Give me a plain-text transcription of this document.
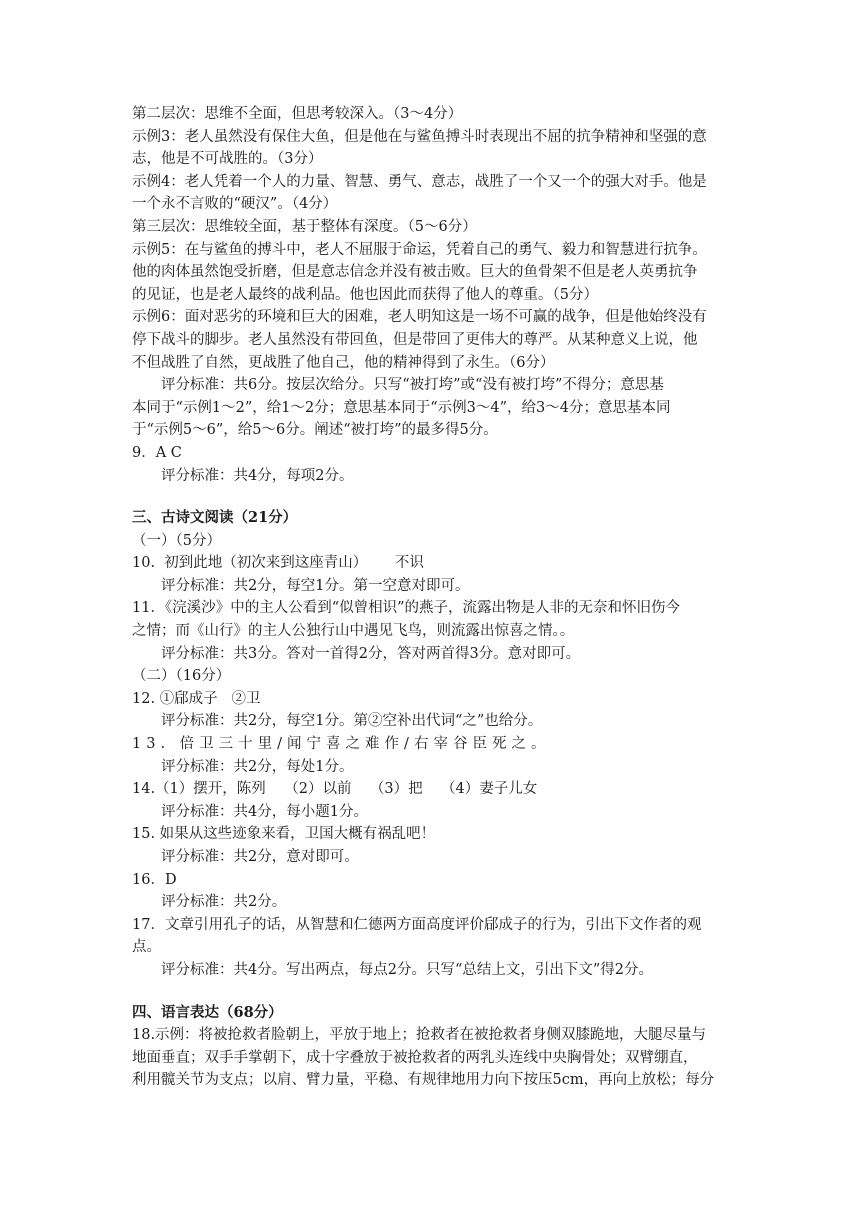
第二层次：思维不全面，但思考较深入。（3～4分）
示例3：老人虽然没有保住大鱼，但是他在与鲨鱼搏斗时表现出不屈的抗争精神和坚强的意
志，他是不可战胜的。（3分）
示例4：老人凭着一个人的力量、智慧、勇气、意志，战胜了一个又一个的强大对手。他是
一个永不言败的“硬汉”。（4分）
第三层次：思维较全面，基于整体有深度。（5～6分）
示例5：在与鲨鱼的搏斗中，老人不屈服于命运，凭着自己的勇气、毅力和智慧进行抗争。
他的肉体虽然饱受折磨，但是意志信念并没有被击败。巨大的鱼骨架不但是老人英勇抗争
的见证，也是老人最终的战利品。他也因此而获得了他人的尊重。（5分）
示例6：面对恶劣的环境和巨大的困难，老人明知这是一场不可赢的战争，但是他始终没有
停下战斗的脚步。老人虽然没有带回鱼，但是带回了更伟大的尊严。从某种意义上说，他
不但战胜了自然，更战胜了他自己，他的精神得到了永生。（6分）
评分标准：共6分。按层次给分。只写“被打垮”或“没有被打垮”不得分；意思基
本同于“示例1～2”，给1～2分；意思基本同于“示例3～4”，给3～4分；意思基本同
于“示例5～6”，给5～6分。阐述“被打垮”的最多得5分。
9．A C
评分标准：共4分，每项2分。
三、古诗文阅读（21分）
（一）（5分）
10.  初到此地（初次来到这座青山）      不识
评分标准：共2分，每空1分。第一空意对即可。
11．《浣溪沙》中的主人公看到“似曾相识”的燕子，流露出物是人非的无奈和怀旧伤今
之情；而《山行》的主人公独行山中遇见飞鸟，则流露出惊喜之情。。
评分标准：共3分。答对一首得2分，答对两首得3分。意对即可。
（二）（16分）
12. ①郈成子   ②卫
评分标准：共2分，每空1分。第②空补出代词“之”也给分。
13. 倍卫三十里/闻宁喜之难作/右宰谷臣死之。
评分标准：共2分，每处1分。
14.（1）摆开，陈列    （2）以前    （3）把    （4）妻子儿女
评分标准：共4分，每小题1分。
15. 如果从这些迹象来看，卫国大概有祸乱吧！
评分标准：共2分，意对即可。
16．D
评分标准：共2分。
17．文章引用孔子的话，从智慧和仁德两方面高度评价郈成子的行为，引出下文作者的观
点。
评分标准：共4分。写出两点，每点2分。只写“总结上文，引出下文”得2分。
四、语言表达（68分）
18.示例：将被抢救者脸朝上，平放于地上；抢救者在被抢救者身侧双膝跪地，大腿尽量与
地面垂直；双手手掌朝下，成十字叠放于被抢救者的两乳头连线中央胸骨处；双臂绷直，
利用髋关节为支点；以肩、臂力量，平稳、有规律地用力向下按压5cm，再向上放松；每分
